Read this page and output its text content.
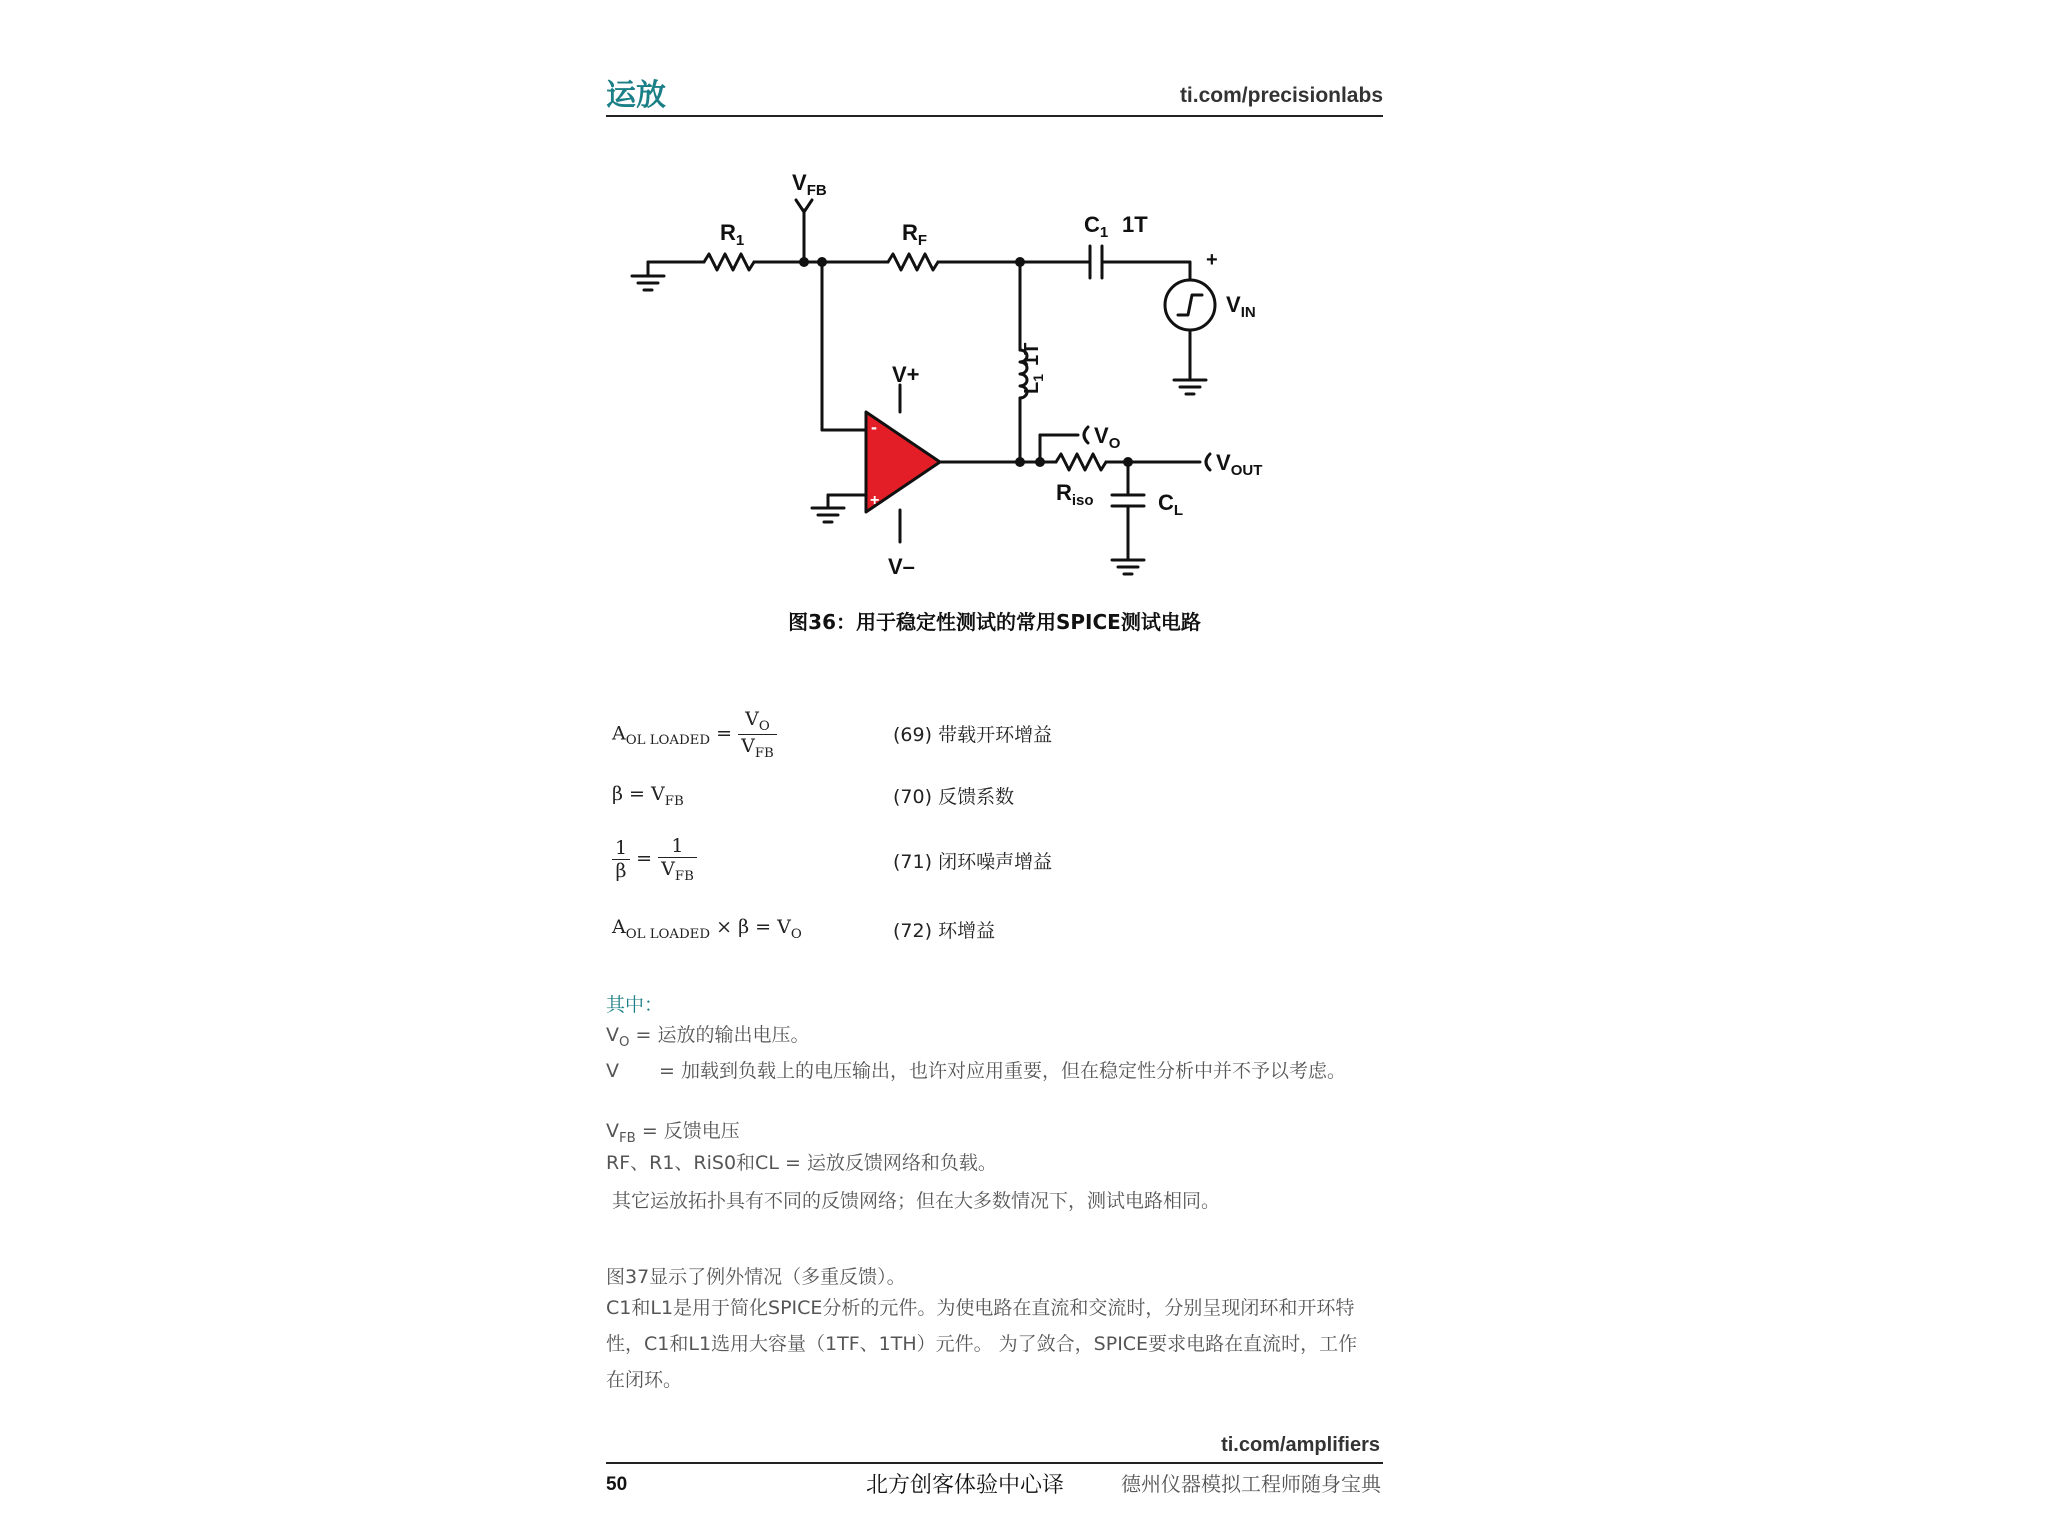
运放	ti.com/precisionlabs
$V_{FB}$
$R_1$	$R_F$
$C_1$ 1T
+
$V_{IN}$
$L_11T$
V+
V–
-
+
$V_O$
$V_{OUT}$
$R_{iso}$	$C_L$
图36：用于稳定性测试的常用SPICE测试电路
$A_{OL LOADED} = \frac{V_O}{V_{FB}}$	(69) 带载开环增益
$\beta = V_{FB}$	(70) 反馈系数
$\frac{1}{\beta} = \frac{1}{V_{FB}}$	(71) 闭环噪声增益
$A_{OL LOADED} \times \beta = V_O$	(72) 环增益
其中：
$V_O$ = 运放的输出电压。
V = 加载到负载上的电压输出，也许对应用重要，但在稳定性分析中并不予以考虑。
$V_{FB}$ = 反馈电压
RF、R1、RiS0和CL = 运放反馈网络和负载。
其它运放拓扑具有不同的反馈网络；但在大多数情况下，测试电路相同。
图37显示了例外情况（多重反馈）。
C1和L1是用于简化SPICE分析的元件。为使电路在直流和交流时，分别呈现闭环和开环特性，C1和L1选用大容量（1TF、1TH）元件。 为了敛合，SPICE要求电路在直流时，工作在闭环。
ti.com/amplifiers
50	北方创客体验中心译	德州仪器模拟工程师随身宝典
